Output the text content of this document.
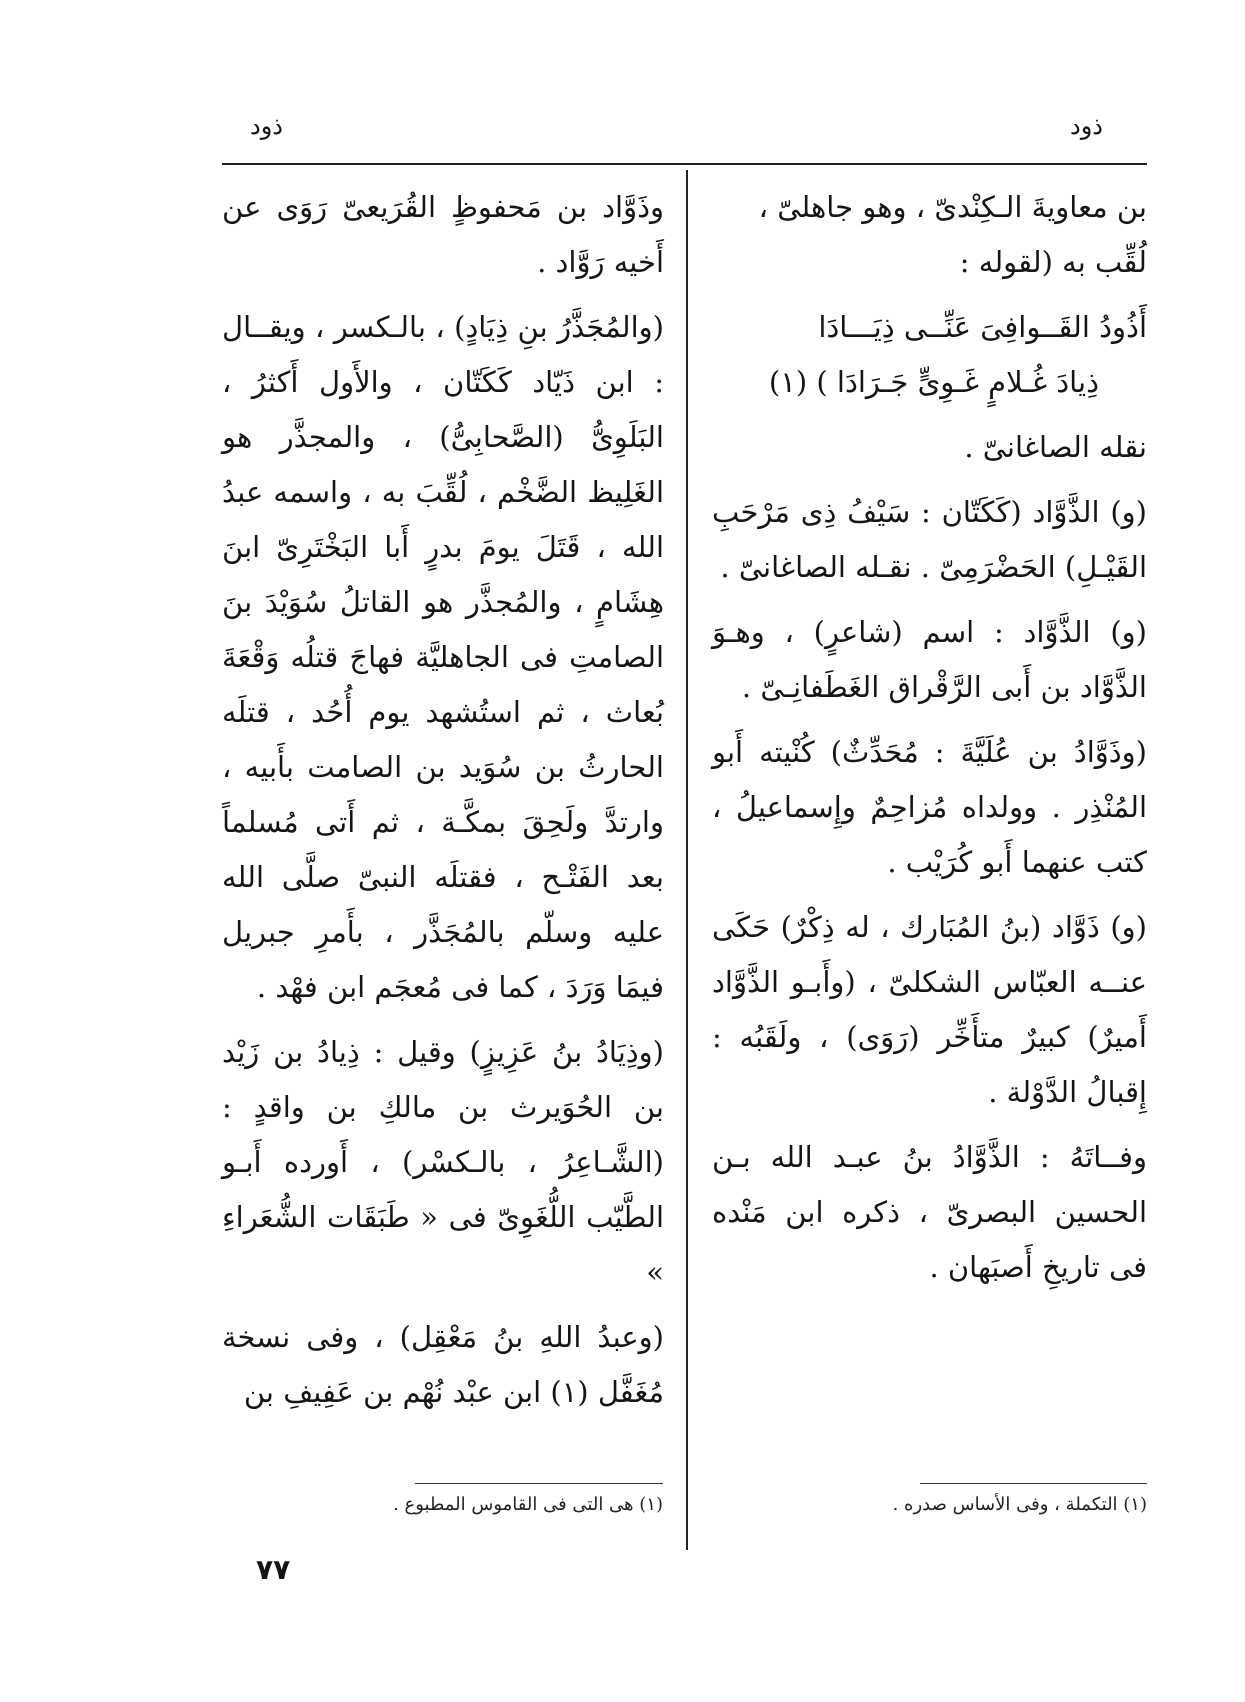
ذود	ذود
بن معاويةَ الـكِنْدىّ ، وهو جاهلىّ ،
لُقِّب به (لقوله :
أَذُودُ القَــوافِىَ عَنِّــى ذِيَـــادَا
ذِيادَ غُـلامٍ غَـوِىٍّ جَـرَادَا ) (١)

نقله الصاغانىّ .

(و) الذَّوَّاد (كَكَتّان : سَيْفُ ذِى مَرْحَبِ القَيْـلِ) الحَضْرَمِىّ . نقـله الصاغانىّ .

(و) الذَّوَّاد : اسم (شاعرٍ) ، وهـوَ الذَّوَّاد بن أَبى الرَّقْراق الغَطَفانِـىّ .

(وذَوَّادُ بن عُلَيَّةَ : مُحَدِّثٌ) كُنْيته أَبو المُنْذِر . وولداه مُزاحِمٌ وإِسماعيلُ ، كتب عنهما أَبو كُرَيْب .

(و) ذَوَّاد (بنُ المُبَارك ، له ذِكْرٌ) حَكَى عنــه العبّاس الشكلىّ ، (وأَبـو الذَّوَّاد أَميرٌ) كبيرٌ متأَخِّر (رَوَى) ، ولَقَبُه : إِقبالُ الدَّوْلة .

وفــاتَهُ : الذَّوَّادُ بنُ عبـد الله بـن الحسين البصرىّ ، ذكره ابن مَنْده فى تاريخِ أَصبَهان .

وذَوَّاد بن مَحفوظٍ القُرَيعىّ رَوَى عن أَخيه رَوَّاد .

(والمُجَذَّرُ بنِ ذِيَادٍ) ، بالـكسر ، ويقــال : ابن ذَيّاد كَكَتّان ، والأَول أَكثرُ ، البَلَوِىُّ (الصَّحابِىُّ) ، والمجذَّر هو الغَلِيظ الضَّخْم ، لُقِّبَ به ، واسمه عبدُ الله ، قَتَلَ يومَ بدرٍ أَبا البَخْتَرِىّ ابنَ هِشَامٍ ، والمُجذَّر هو القاتلُ سُوَيْدَ بنَ الصامتِ فى الجاهليَّة فهاجَ قتلُه وَقْعَةَ بُعاث ، ثم استُشهد يوم أُحُد ، قتلَه الحارثُ بن سُوَيد بن الصامت بأَبيه ، وارتدَّ ولَحِقَ بمكَّـة ، ثم أَتى مُسلماً بعد الفَتْـح ، فقتلَه النبىّ صلَّى الله عليه وسلّم بالمُجَذَّر ، بأَمرِ جبريل فيمَا وَرَدَ ، كما فى مُعجَم ابن فهْد .

(وذِيَادُ بنُ عَزِيزٍ) وقيل : ذِيادُ بن زَيْد بن الحُوَيرث بن مالكِ بن واقدٍ : (الشَّـاعِرُ ، بالـكسْر) ، أَورده أَبـو الطَّيّب اللُّغَوِىّ فى « طَبَقَات الشُّعَراءِ »

(وعبدُ اللهِ بنُ مَعْقِل) ، وفى نسخة مُغَفَّل (١) ابن عبْد نُهْم بن عَفِيفِ بن

(١) التكملة ، وفى الأساس صدره .
(١) هى التى فى القاموس المطبوع .
٧٧
